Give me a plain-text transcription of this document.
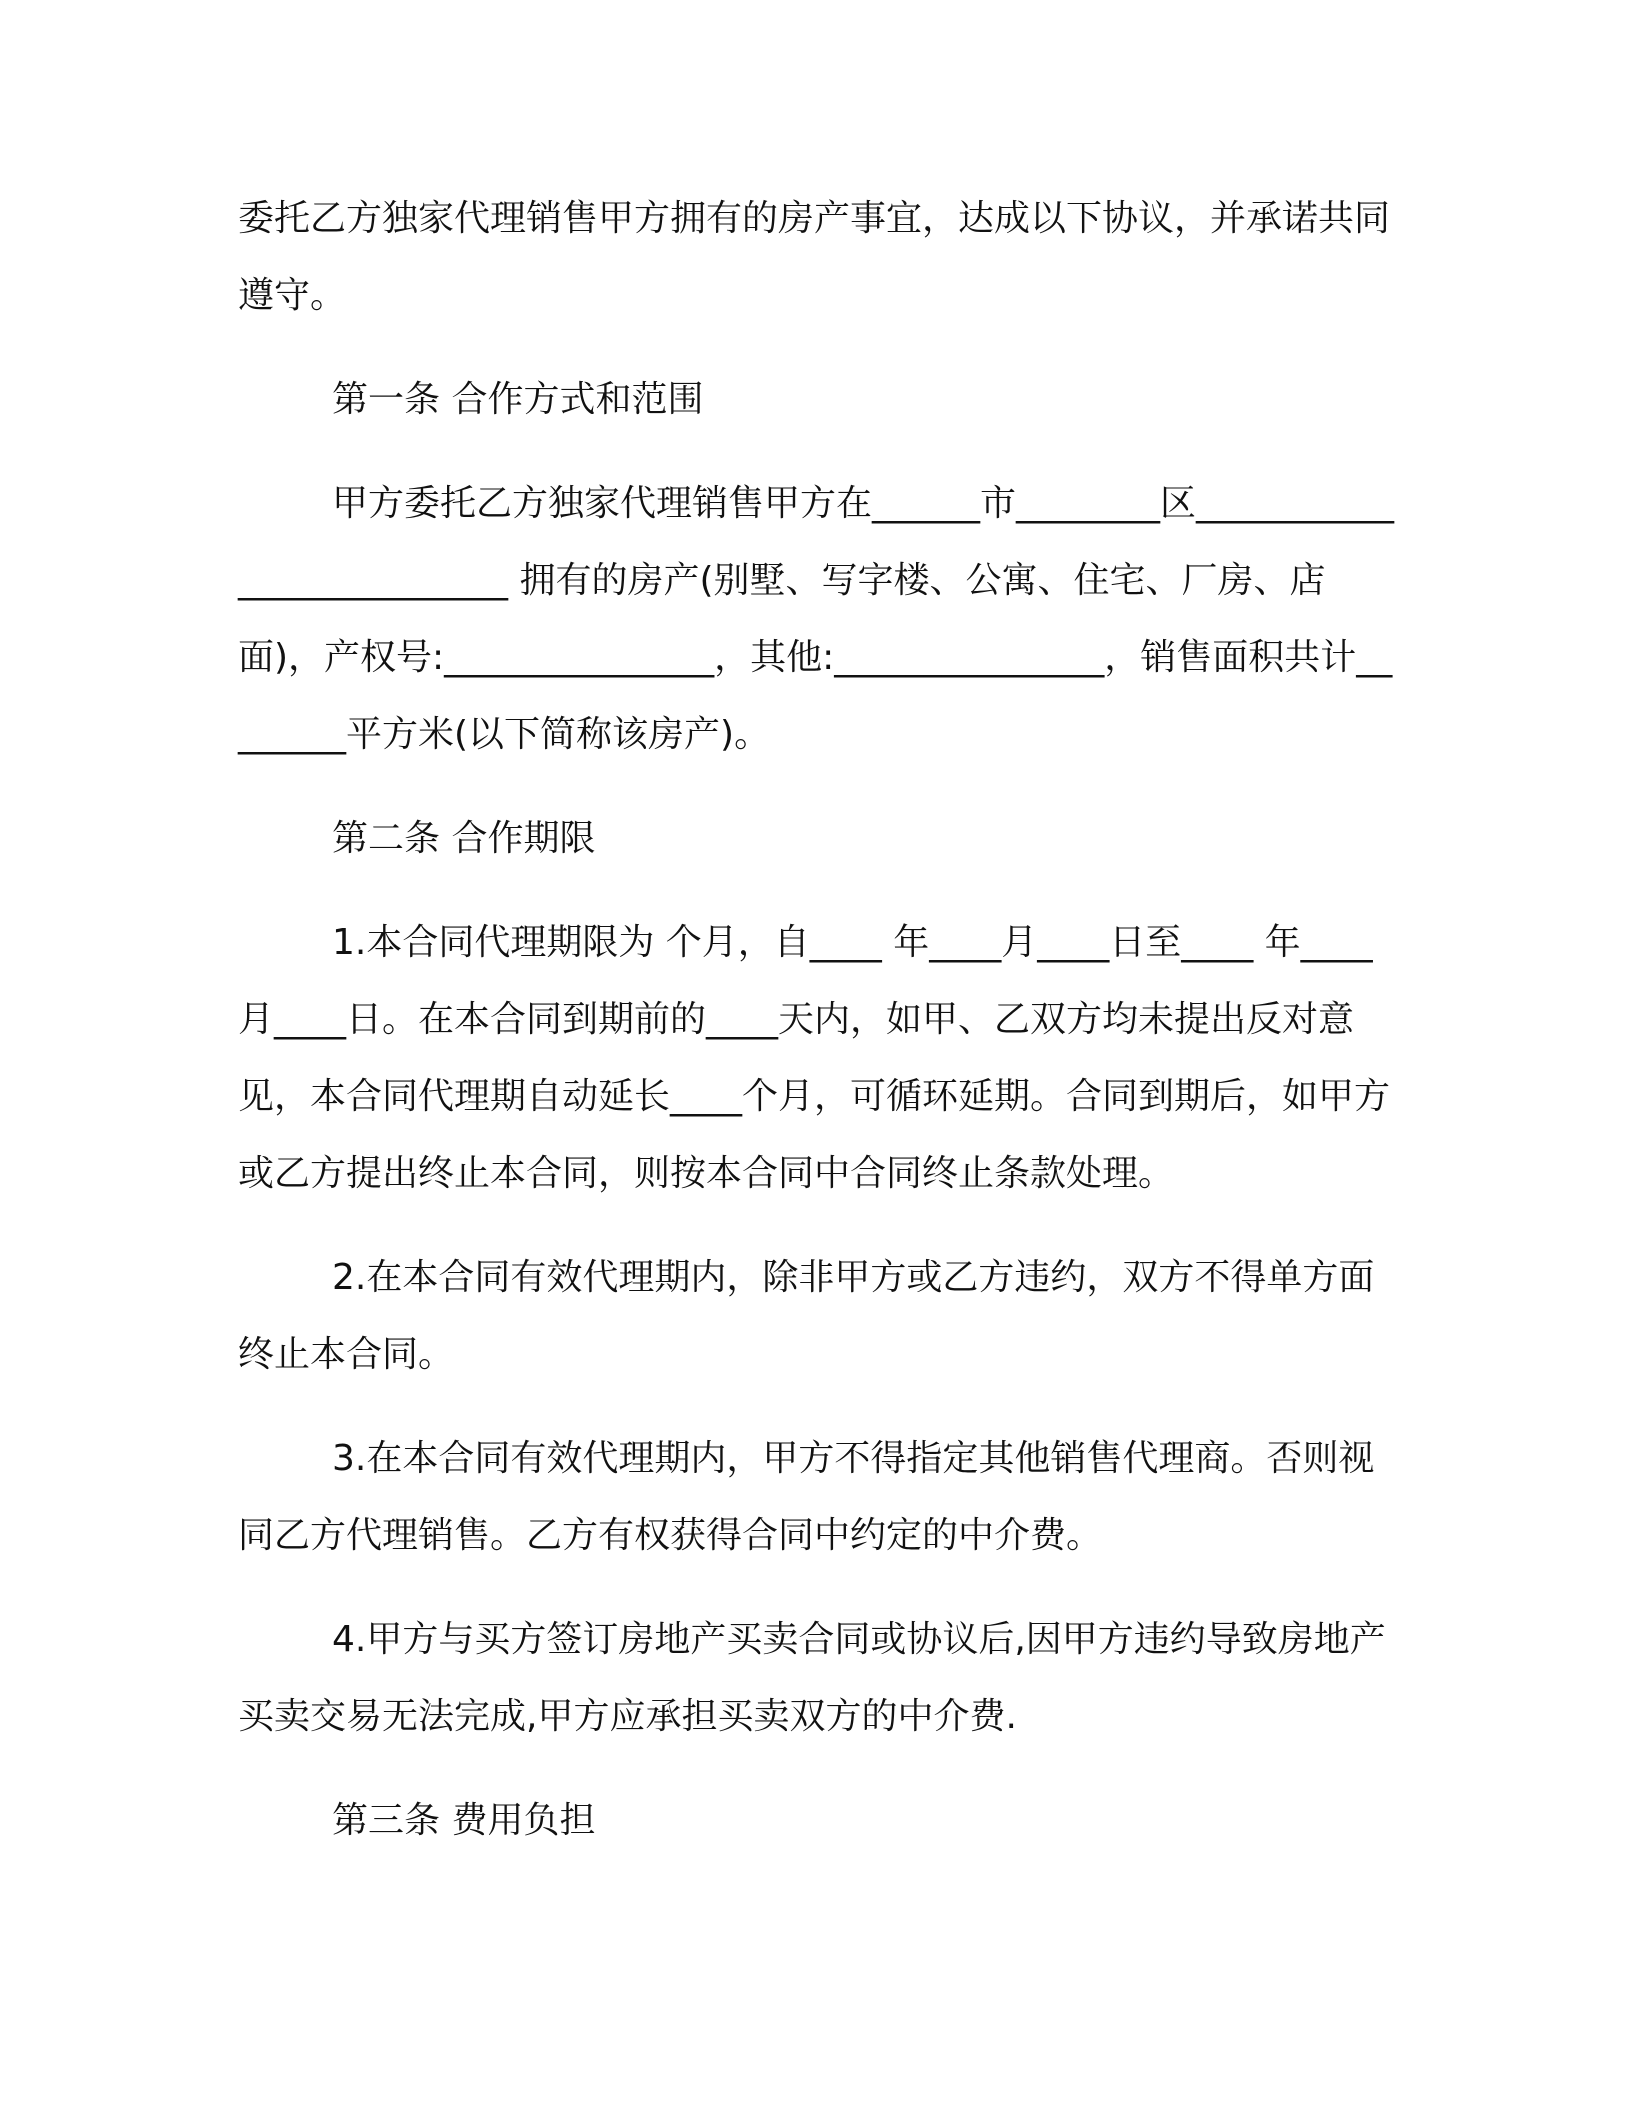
委托乙方独家代理销售甲方拥有的房产事宜，达成以下协议，并承诺共同遵守。

第一条 合作方式和范围

甲方委托乙方独家代理销售甲方在______市________区__________________________ 拥有的房产(别墅、写字楼、公寓、住宅、厂房、店面)，产权号:_______________，其他:_______________，销售面积共计________平方米(以下简称该房产)。

第二条 合作期限

1.本合同代理期限为 个月，自____ 年____月____日至____ 年____月____日。在本合同到期前的____天内，如甲、乙双方均未提出反对意见，本合同代理期自动延长____个月，可循环延期。合同到期后，如甲方或乙方提出终止本合同，则按本合同中合同终止条款处理。

2.在本合同有效代理期内，除非甲方或乙方违约，双方不得单方面终止本合同。

3.在本合同有效代理期内，甲方不得指定其他销售代理商。否则视同乙方代理销售。乙方有权获得合同中约定的中介费。

4.甲方与买方签订房地产买卖合同或协议后,因甲方违约导致房地产买卖交易无法完成,甲方应承担买卖双方的中介费.

第三条 费用负担
